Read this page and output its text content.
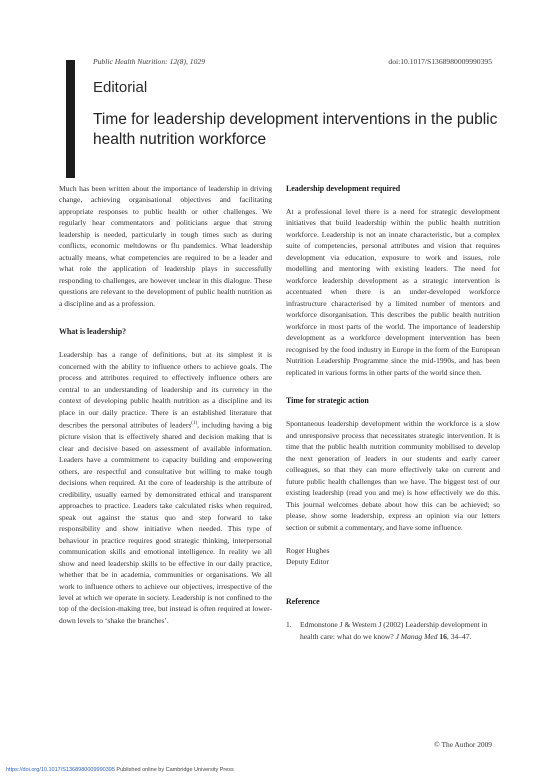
Public Health Nutrition: 12(8), 1029	doi:10.1017/S1368980009990395
Editorial
Time for leadership development interventions in the public health nutrition workforce

Much has been written about the importance of leadership in driving change, achieving organisational objectives and facilitating appropriate responses to public health or other challenges. We regularly hear commentators and politicians argue that strong leadership is needed, particularly in tough times such as during conflicts, economic meltdowns or flu pandemics. What leadership actually means, what competencies are required to be a leader and what role the application of leadership plays in successfully responding to challenges, are however unclear in this dialogue. These questions are relevant to the development of public health nutrition as a discipline and as a profession.

What is leadership?

Leadership has a range of definitions, but at its simplest it is concerned with the ability to influence others to achieve goals. The process and attributes required to effectively influence others are central to an understanding of leadership and its currency in the context of developing public health nutrition as a discipline and its place in our daily practice. There is an established literature that describes the personal attributes of leaders$^{(1)}$, including having a big picture vision that is effectively shared and decision making that is clear and decisive based on assessment of available information. Leaders have a commitment to capacity building and empowering others, are respectful and consultative but willing to make tough decisions when required. At the core of leadership is the attribute of credibility, usually earned by demonstrated ethical and transparent approaches to practice. Leaders take calculated risks when required, speak out against the status quo and step forward to take responsibility and show initiative when needed. This type of behaviour in practice requires good strategic thinking, interpersonal communication skills and emotional intelligence. In reality we all show and need leadership skills to be effective in our daily practice, whether that be in academia, communities or organisations. We all work to influence others to achieve our objectives, irrespective of the level at which we operate in society. Leadership is not confined to the top of the decision-making tree, but instead is often required at lower-down levels to ‘shake the branches’.

Leadership development required

At a professional level there is a need for strategic development initiatives that build leadership within the public health nutrition workforce. Leadership is not an innate characteristic, but a complex suite of competencies, personal attributes and vision that requires development via education, exposure to work and issues, role modelling and mentoring with existing leaders. The need for workforce leadership development as a strategic intervention is accentuated when there is an under-developed workforce infrastructure characterised by a limited number of mentors and workforce disorganisation. This describes the public health nutrition workforce in most parts of the world. The importance of leadership development as a workforce development intervention has been recognised by the food industry in Europe in the form of the European Nutrition Leadership Programme since the mid-1990s, and has been replicated in various forms in other parts of the world since then.

Time for strategic action

Spontaneous leadership development within the workforce is a slow and unresponsive process that necessitates strategic intervention. It is time that the public health nutrition community mobilised to develop the next generation of leaders in our students and early career colleagues, so that they can more effectively take on current and future public health challenges than we have. The biggest test of our existing leadership (read you and me) is how effectively we do this. This journal welcomes debate about how this can be achieved; so please, show some leadership, express an opinion via our letters section or submit a commentary, and have some influence.

Roger Hughes

Deputy Editor

Reference
1.	Edmonstone J & Western J (2002) Leadership development in health care: what do we know? J Manag Med 16, 34–47.
© The Author 2009
https://doi.org/10.1017/S1368980009990395 Published online by Cambridge University Press
